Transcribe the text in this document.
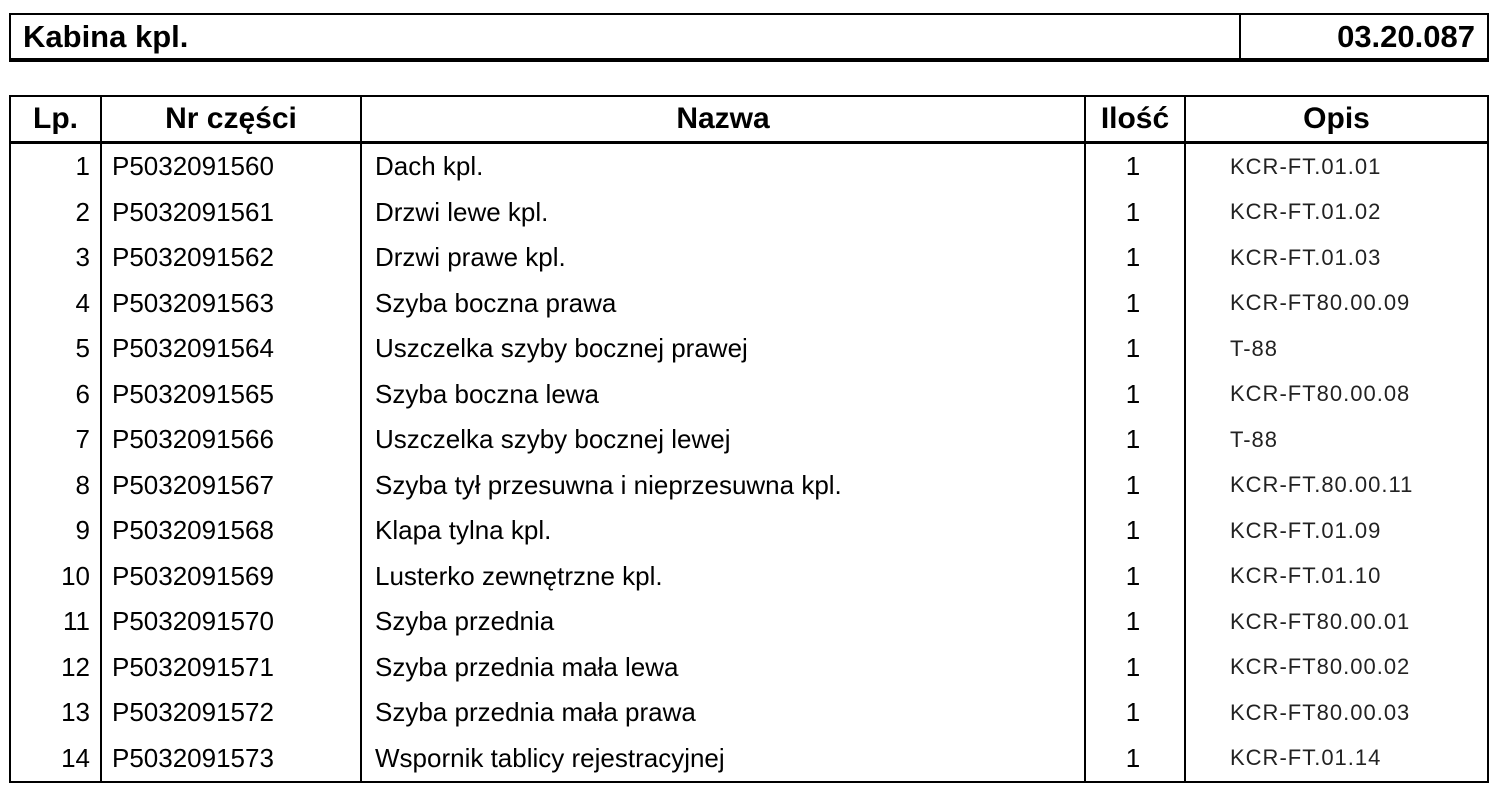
Kabina kpl.	03.20.087
Lp.	Nr części	Nazwa	Ilość	Opis
1	P5032091560	Dach kpl.	1	KCR-FT.01.01
2	P5032091561	Drzwi lewe kpl.	1	KCR-FT.01.02
3	P5032091562	Drzwi prawe kpl.	1	KCR-FT.01.03
4	P5032091563	Szyba boczna prawa	1	KCR-FT80.00.09
5	P5032091564	Uszczelka szyby bocznej prawej	1	T-88
6	P5032091565	Szyba boczna lewa	1	KCR-FT80.00.08
7	P5032091566	Uszczelka szyby bocznej lewej	1	T-88
8	P5032091567	Szyba tył przesuwna i nieprzesuwna kpl.	1	KCR-FT.80.00.11
9	P5032091568	Klapa tylna kpl.	1	KCR-FT.01.09
10	P5032091569	Lusterko zewnętrzne kpl.	1	KCR-FT.01.10
11	P5032091570	Szyba przednia	1	KCR-FT80.00.01
12	P5032091571	Szyba przednia mała lewa	1	KCR-FT80.00.02
13	P5032091572	Szyba przednia mała prawa	1	KCR-FT80.00.03
14	P5032091573	Wspornik tablicy rejestracyjnej	1	KCR-FT.01.14
